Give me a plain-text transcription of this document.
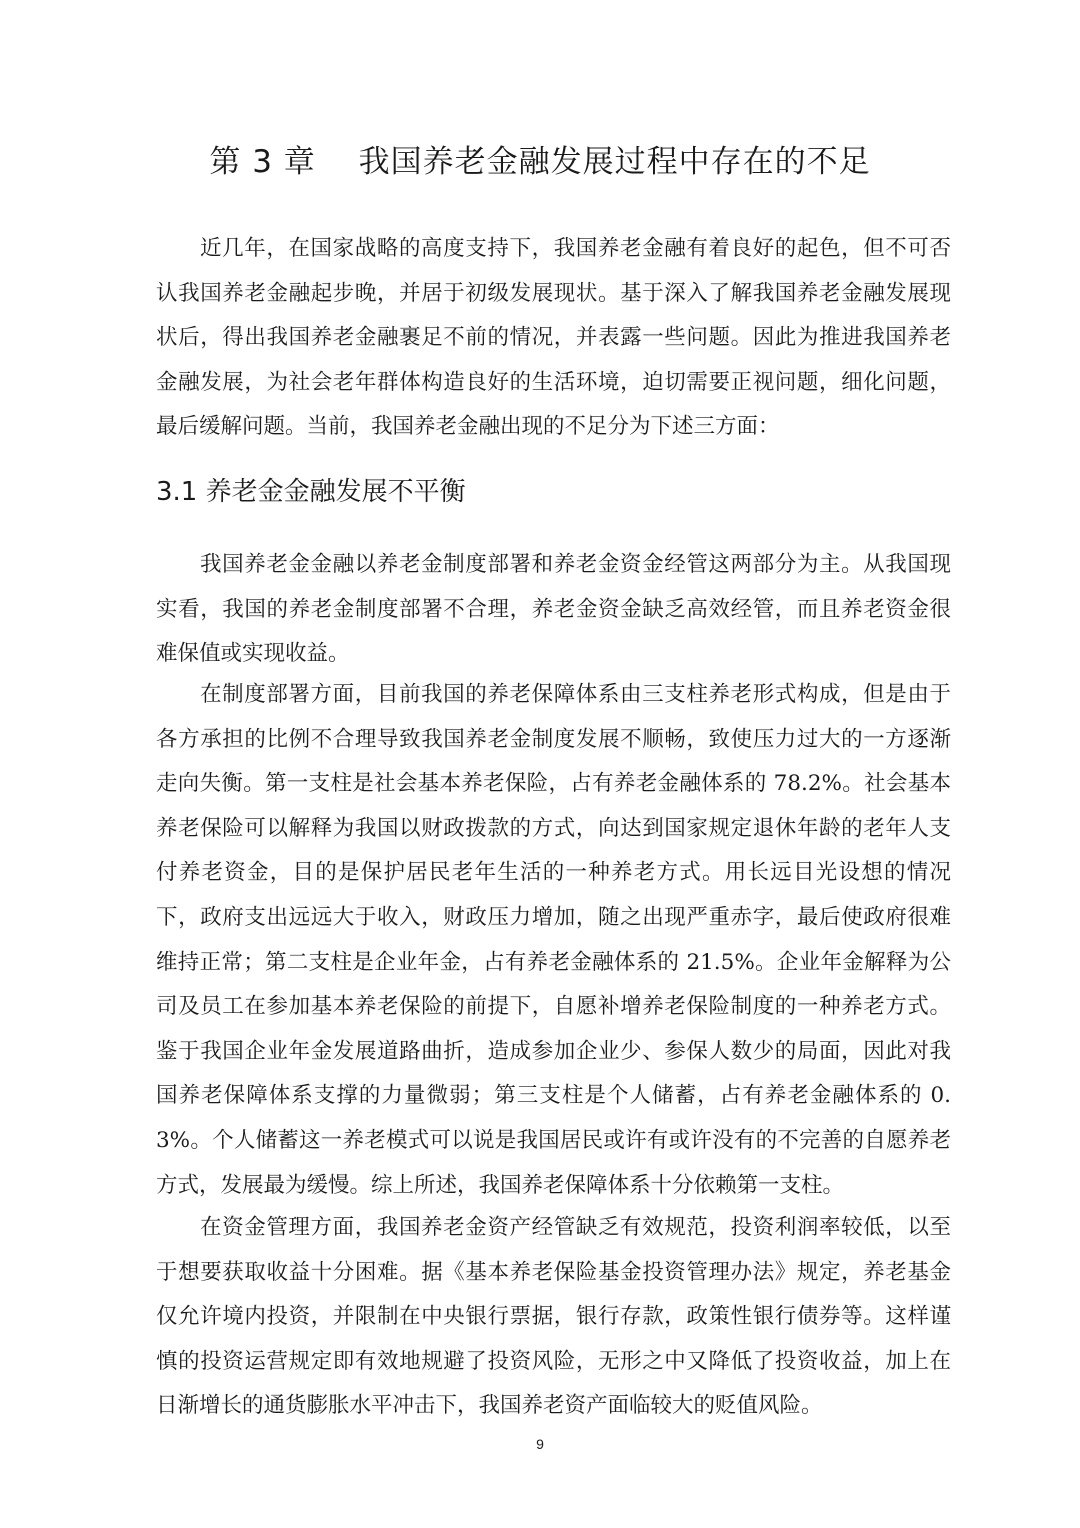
第 3 章　 我国养老金融发展过程中存在的不足

近几年，在国家战略的高度支持下，我国养老金融有着良好的起色，但不可否认我国养老金融起步晚，并居于初级发展现状。基于深入了解我国养老金融发展现状后，得出我国养老金融裹足不前的情况，并表露一些问题。因此为推进我国养老金融发展，为社会老年群体构造良好的生活环境，迫切需要正视问题，细化问题，最后缓解问题。当前，我国养老金融出现的不足分为下述三方面：

3.1 养老金金融发展不平衡

我国养老金金融以养老金制度部署和养老金资金经管这两部分为主。从我国现实看，我国的养老金制度部署不合理，养老金资金缺乏高效经管，而且养老资金很难保值或实现收益。

在制度部署方面，目前我国的养老保障体系由三支柱养老形式构成，但是由于各方承担的比例不合理导致我国养老金制度发展不顺畅，致使压力过大的一方逐渐走向失衡。第一支柱是社会基本养老保险，占有养老金融体系的 78.2%。社会基本养老保险可以解释为我国以财政拨款的方式，向达到国家规定退休年龄的老年人支付养老资金，目的是保护居民老年生活的一种养老方式。用长远目光设想的情况下，政府支出远远大于收入，财政压力增加，随之出现严重赤字，最后使政府很难维持正常；第二支柱是企业年金，占有养老金融体系的 21.5%。企业年金解释为公司及员工在参加基本养老保险的前提下，自愿补增养老保险制度的一种养老方式。鉴于我国企业年金发展道路曲折，造成参加企业少、参保人数少的局面，因此对我国养老保障体系支撑的力量微弱；第三支柱是个人储蓄，占有养老金融体系的 0.3%。个人储蓄这一养老模式可以说是我国居民或许有或许没有的不完善的自愿养老方式，发展最为缓慢。综上所述，我国养老保障体系十分依赖第一支柱。

在资金管理方面，我国养老金资产经管缺乏有效规范，投资利润率较低，以至于想要获取收益十分困难。据《基本养老保险基金投资管理办法》规定，养老基金仅允许境内投资，并限制在中央银行票据，银行存款，政策性银行债券等。这样谨慎的投资运营规定即有效地规避了投资风险，无形之中又降低了投资收益，加上在日渐增长的通货膨胀水平冲击下，我国养老资产面临较大的贬值风险。

9
